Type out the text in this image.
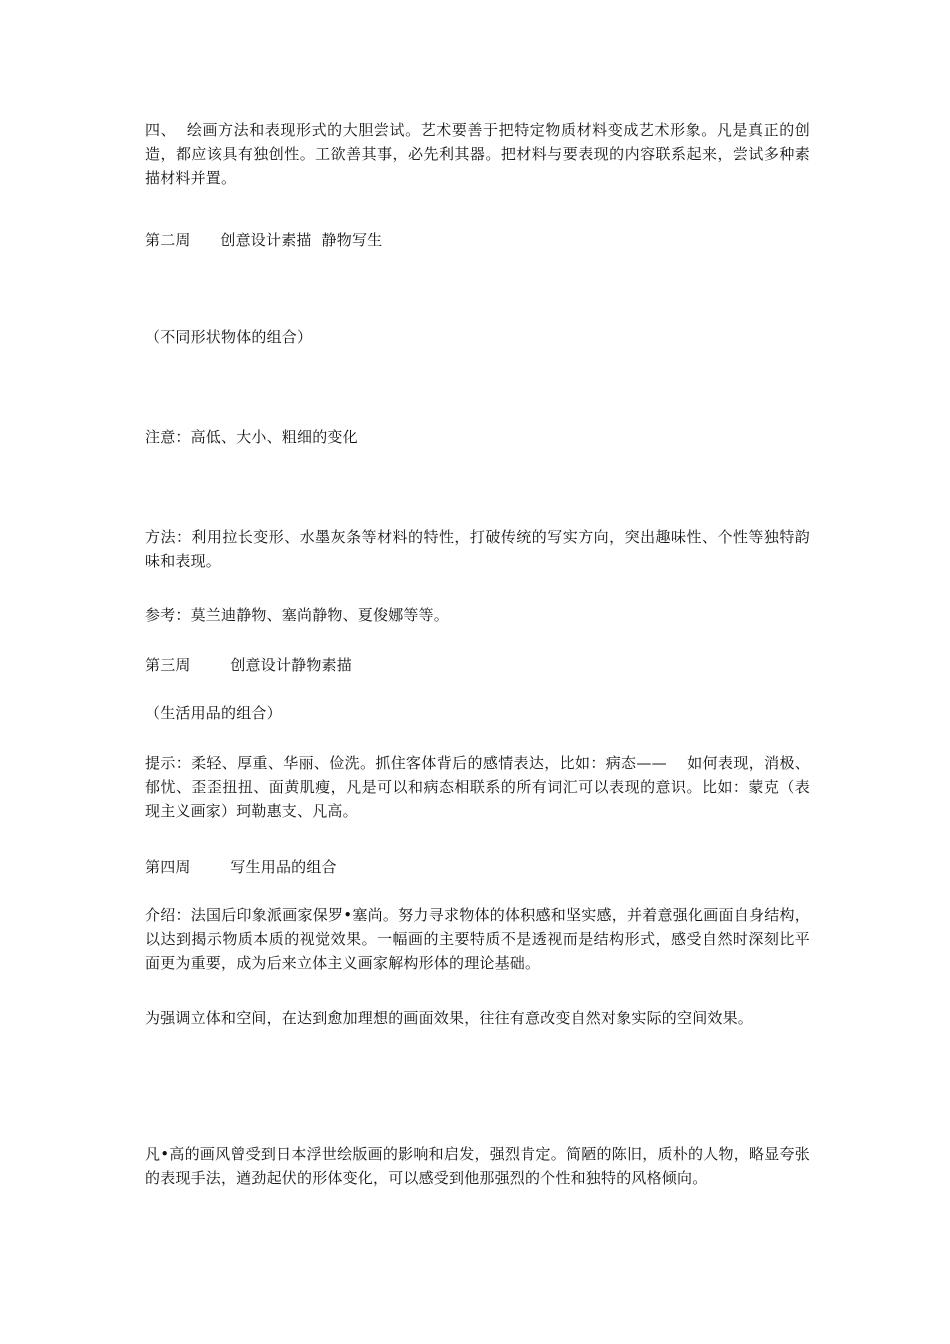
四、  绘画方法和表现形式的大胆尝试。艺术要善于把特定物质材料变成艺术形象。凡是真正的创造，都应该具有独创性。工欲善其事，必先利其器。把材料与要表现的内容联系起来，尝试多种素描材料并置。

第二周      创意设计素描  静物写生

（不同形状物体的组合）

注意：高低、大小、粗细的变化

方法：利用拉长变形、水墨灰条等材料的特性，打破传统的写实方向，突出趣味性、个性等独特韵味和表现。

参考：莫兰迪静物、塞尚静物、夏俊娜等等。

第三周        创意设计静物素描

（生活用品的组合）

提示：柔轻、厚重、华丽、俭洗。抓住客体背后的感情表达，比如：病态——    如何表现，消极、郁忧、歪歪扭扭、面黄肌瘦，凡是可以和病态相联系的所有词汇可以表现的意识。比如：蒙克（表现主义画家）珂勒惠支、凡高。

第四周        写生用品的组合

介绍：法国后印象派画家保罗•塞尚。努力寻求物体的体积感和坚实感，并着意强化画面自身结构，以达到揭示物质本质的视觉效果。一幅画的主要特质不是透视而是结构形式，感受自然时深刻比平面更为重要，成为后来立体主义画家解构形体的理论基础。

为强调立体和空间，在达到愈加理想的画面效果，往往有意改变自然对象实际的空间效果。

凡•高的画风曾受到日本浮世绘版画的影响和启发，强烈肯定。简陋的陈旧，质朴的人物，略显夸张的表现手法，遒劲起伏的形体变化，可以感受到他那强烈的个性和独特的风格倾向。
